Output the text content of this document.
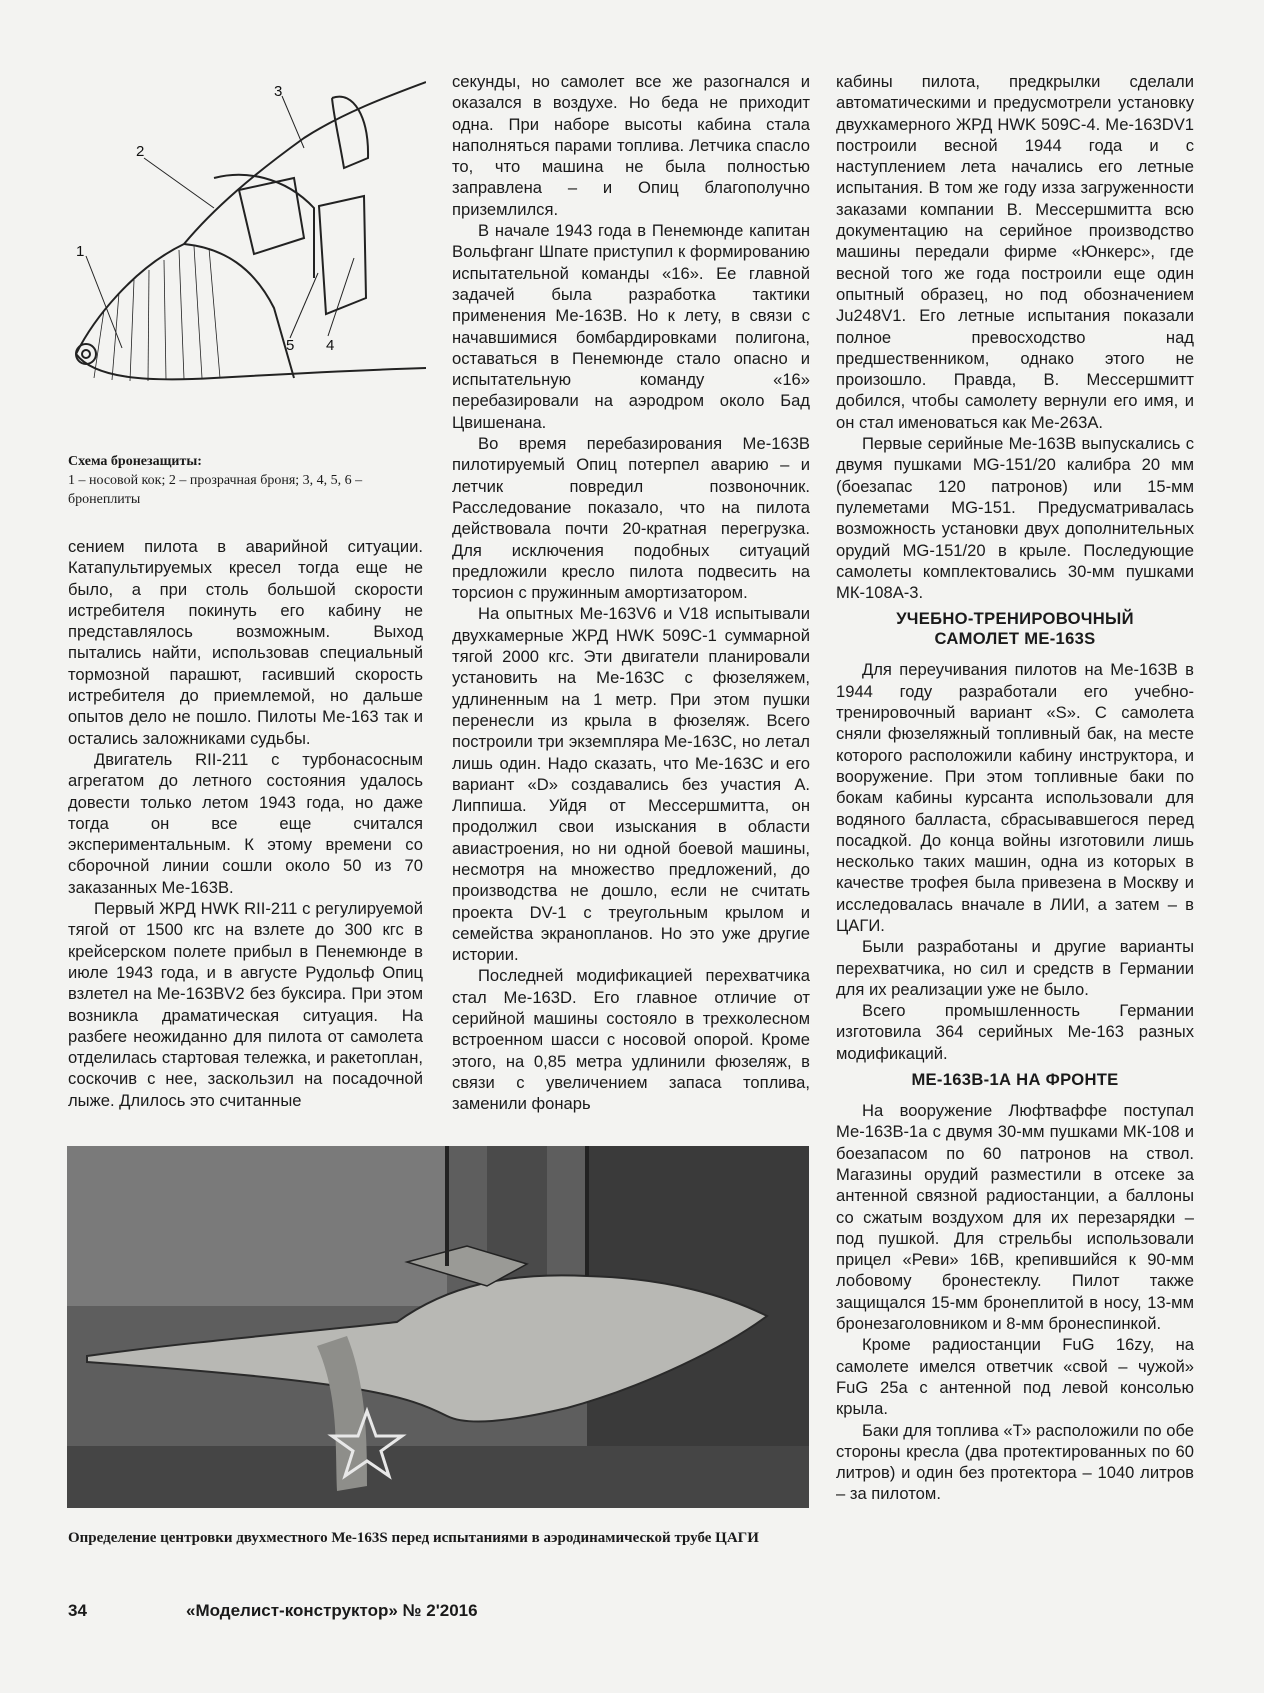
1
2
3
4
5
Схема бронезащиты:
1 – носовой кок; 2 – прозрачная броня; 3, 4, 5, 6 – бронеплиты

сением пилота в аварийной ситуации. Катапультируемых кресел тогда еще не было, а при столь большой скорости истребителя покинуть его кабину не представлялось возможным. Выход пытались найти, использовав специальный тормозной парашют, гасивший скорость истребителя до приемлемой, но дальше опытов дело не пошло. Пилоты Ме-163 так и остались заложниками судьбы.

Двигатель RII-211 с турбонасосным агрегатом до летного состояния удалось довести только летом 1943 года, но даже тогда он все еще считался экспериментальным. К этому времени со сборочной линии сошли около 50 из 70 заказанных Ме-163В.

Первый ЖРД HWK RII-211 с регулируемой тягой от 1500 кгс на взлете до 300 кгс в крейсерском полете прибыл в Пенемюнде в июле 1943 года, и в августе Рудольф Опиц взлетел на Ме-163BV2 без буксира. При этом возникла драматическая ситуация. На разбеге неожиданно для пилота от самолета отделилась стартовая тележка, и ракетоплан, соскочив с нее, заскользил на посадочной лыже. Длилось это считанные

секунды, но самолет все же разогнался и оказался в воздухе. Но беда не приходит одна. При наборе высоты кабина стала наполняться парами топлива. Летчика спасло то, что машина не была полностью заправлена – и Опиц благополучно приземлился.

В начале 1943 года в Пенемюнде капитан Вольфганг Шпате приступил к формированию испытательной команды «16». Ее главной задачей была разработка тактики применения Ме-163В. Но к лету, в связи с начавшимися бомбардировками полигона, оставаться в Пенемюнде стало опасно и испытательную команду «16» перебазировали на аэродром около Бад Цвишенана.

Во время перебазирования Ме-163В пилотируемый Опиц потерпел аварию – и летчик повредил позвоночник. Расследование показало, что на пилота действовала почти 20-кратная перегрузка. Для исключения подобных ситуаций предложили кресло пилота подвесить на торсион с пружинным амортизатором.

На опытных Ме-163V6 и V18 испытывали двухкамерные ЖРД HWK 509C-1 суммарной тягой 2000 кгс. Эти двигатели планировали установить на Ме-163С с фюзеляжем, удлиненным на 1 метр. При этом пушки перенесли из крыла в фюзеляж. Всего построили три экземпляра Ме-163С, но летал лишь один. Надо сказать, что Ме-163С и его вариант «D» создавались без участия А. Липпиша. Уйдя от Мессершмитта, он продолжил свои изыскания в области авиастроения, но ни одной боевой машины, несмотря на множество предложений, до производства не дошло, если не считать проекта DV-1 с треугольным крылом и семейства экранопланов. Но это уже другие истории.

Последней модификацией перехватчика стал Ме-163D. Его главное отличие от серийной машины состояло в трехколесном встроенном шасси с носовой опорой. Кроме этого, на 0,85 метра удлинили фюзеляж, в связи с увеличением запаса топлива, заменили фонарь

кабины пилота, предкрылки сделали автоматическими и предусмотрели установку двухкамерного ЖРД HWK 509С-4. Ме-163DV1 построили весной 1944 года и с наступлением лета начались его летные испытания. В том же году изза загруженности заказами компании В. Мессершмитта всю документацию на серийное производство машины передали фирме «Юнкерс», где весной того же года построили еще один опытный образец, но под обозначением Ju248V1. Его летные испытания показали полное превосходство над предшественником, однако этого не произошло. Правда, В. Мессершмитт добился, чтобы самолету вернули его имя, и он стал именоваться как Ме-263А.

Первые серийные Ме-163В выпускались с двумя пушками MG-151/20 калибра 20 мм (боезапас 120 патронов) или 15-мм пулеметами MG-151. Предусматривалась возможность установки двух дополнительных орудий MG-151/20 в крыле. Последующие самолеты комплектовались 30-мм пушками МК-108А-3.

УЧЕБНО-ТРЕНИРОВОЧНЫЙ
САМОЛЕТ МЕ-163S

Для переучивания пилотов на Ме-163В в 1944 году разработали его учебно-тренировочный вариант «S». С самолета сняли фюзеляжный топливный бак, на месте которого расположили кабину инструктора, и вооружение. При этом топливные баки по бокам кабины курсанта использовали для водяного балласта, сбрасывавшегося перед посадкой. До конца войны изготовили лишь несколько таких машин, одна из которых в качестве трофея была привезена в Москву и исследовалась вначале в ЛИИ, а затем – в ЦАГИ.

Были разработаны и другие варианты перехватчика, но сил и средств в Германии для их реализации уже не было.

Всего промышленность Германии изготовила 364 серийных Ме-163 разных модификаций.

МЕ-163В-1А НА ФРОНТЕ

На вооружение Люфтваффе поступал Ме-163В-1а с двумя 30-мм пушками МК-108 и боезапасом по 60 патронов на ствол. Магазины орудий разместили в отсеке за антенной связной радиостанции, а баллоны со сжатым воздухом для их перезарядки – под пушкой. Для стрельбы использовали прицел «Реви» 16В, крепившийся к 90-мм лобовому бронестеклу. Пилот также защищался 15-мм бронеплитой в носу, 13-мм бронезаголовником и 8-мм бронеспинкой.

Кроме радиостанции FuG 16zy, на самолете имелся ответчик «свой – чужой» FuG 25a с антенной под левой консолью крыла.

Баки для топлива «Т» расположили по обе стороны кресла (два протектированных по 60 литров) и один без протектора – 1040 литров – за пилотом.

Определение центровки двухместного Ме-163S перед испытаниями в аэродинамической трубе ЦАГИ
34	«Моделист-конструктор» № 2'2016
